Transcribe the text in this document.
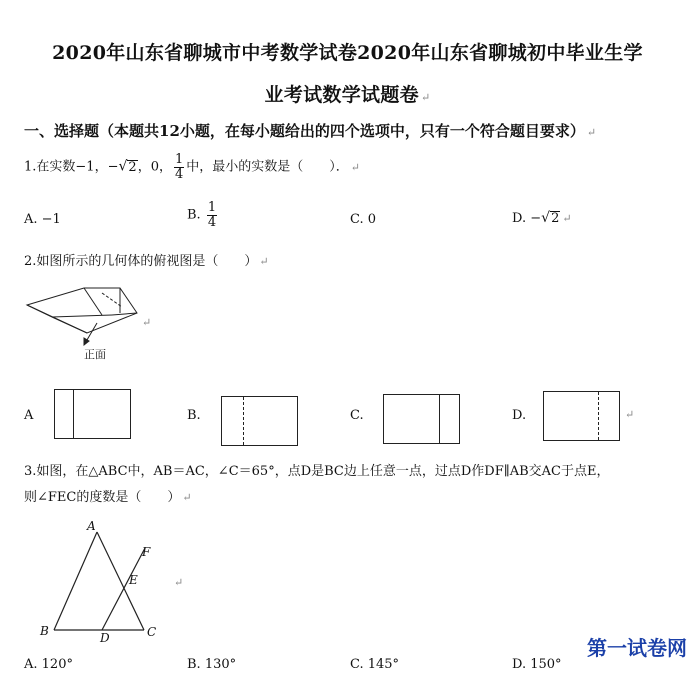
2020年山东省聊城市中考数学试卷2020年山东省聊城初中毕业生学
业考试数学试题卷 ↵
一、选择题（本题共12小题，在每小题给出的四个选项中，只有一个符合题目要求） ↵
1.在实数−1，−√2，0， $\frac{1}{4}$ 中，最小的实数是（　　）． ↵
A. −1	B. $\frac{1}{4}$	C. 0	D. −√2 ↵
2.如图所示的几何体的俯视图是（　　） ↵
正面
↵
A	B.	C.	D.	↵
3.如图，在△ABC中，AB＝AC，∠C＝65°，点D是BC边上任意一点，过点D作DF∥AB交AC于点E，
则∠FEC的度数是（　　） ↵
A
B	C
D
E
F
↵
A. 120°	B. 130°	C. 145°	D. 150°
第一试卷网
